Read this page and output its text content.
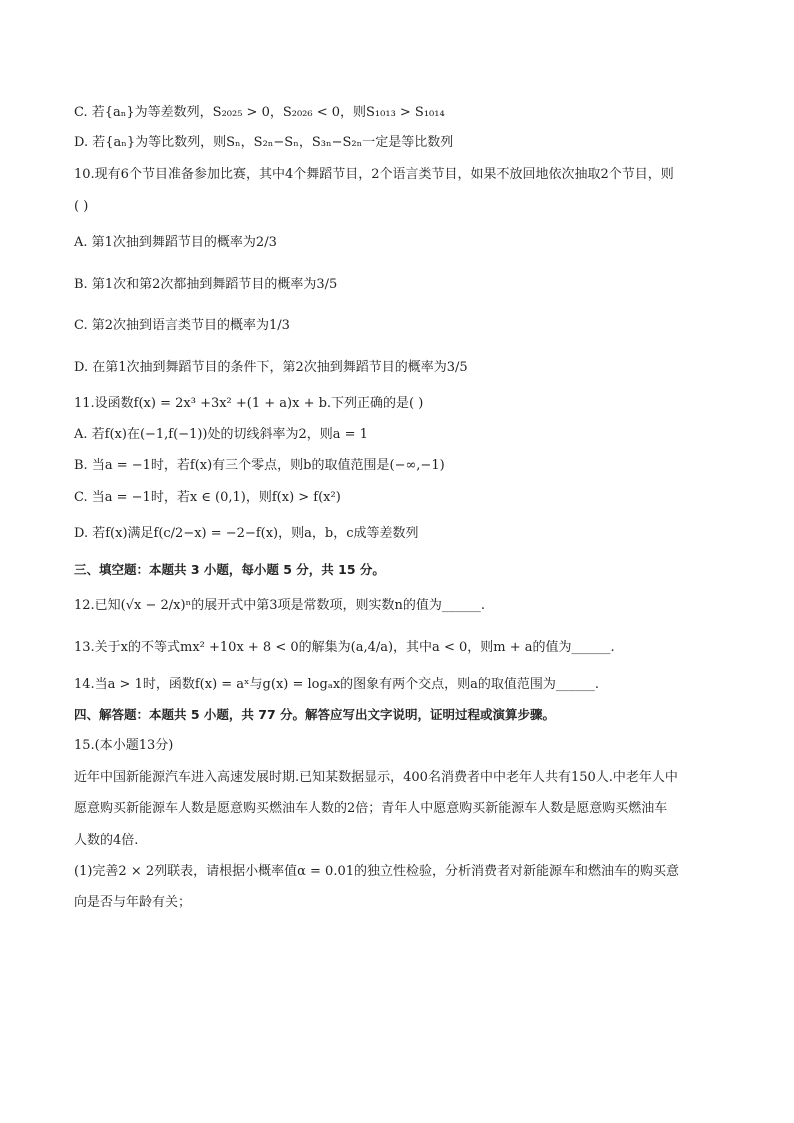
C. 若{aₙ}为等差数列，S₂₀₂₅ > 0，S₂₀₂₆ < 0，则S₁₀₁₃ > S₁₀₁₄
D. 若{aₙ}为等比数列，则Sₙ，S₂ₙ−Sₙ，S₃ₙ−S₂ₙ一定是等比数列
10.现有6个节目准备参加比赛，其中4个舞蹈节目，2个语言类节目，如果不放回地依次抽取2个节目，则
( )
A. 第1次抽到舞蹈节目的概率为2/3
B. 第1次和第2次都抽到舞蹈节目的概率为3/5
C. 第2次抽到语言类节目的概率为1/3
D. 在第1次抽到舞蹈节目的条件下，第2次抽到舞蹈节目的概率为3/5
11.设函数f(x) = 2x³ +3x² +(1 + a)x + b.下列正确的是( )
A. 若f(x)在(−1,f(−1))处的切线斜率为2，则a = 1
B. 当a = −1时，若f(x)有三个零点，则b的取值范围是(−∞,−1)
C. 当a = −1时，若x ∈ (0,1)，则f(x) > f(x²)
D. 若f(x)满足f(c/2−x) = −2−f(x)，则a，b，c成等差数列
三、填空题：本题共 3 小题，每小题 5 分，共 15 分。
12.已知(√x − 2/x)ⁿ的展开式中第3项是常数项，则实数n的值为______.
13.关于x的不等式mx² +10x + 8 < 0的解集为(a,4/a)，其中a < 0，则m + a的值为______.
14.当a > 1时，函数f(x) = aˣ与g(x) = logₐx的图象有两个交点，则a的取值范围为______.
四、解答题：本题共 5 小题，共 77 分。解答应写出文字说明，证明过程或演算步骤。
15.(本小题13分)
近年中国新能源汽车进入高速发展时期.已知某数据显示，400名消费者中中老年人共有150人.中老年人中
愿意购买新能源车人数是愿意购买燃油车人数的2倍；青年人中愿意购买新能源车人数是愿意购买燃油车
人数的4倍.
(1)完善2 × 2列联表，请根据小概率值α = 0.01的独立性检验，分析消费者对新能源车和燃油车的购买意
向是否与年龄有关；
